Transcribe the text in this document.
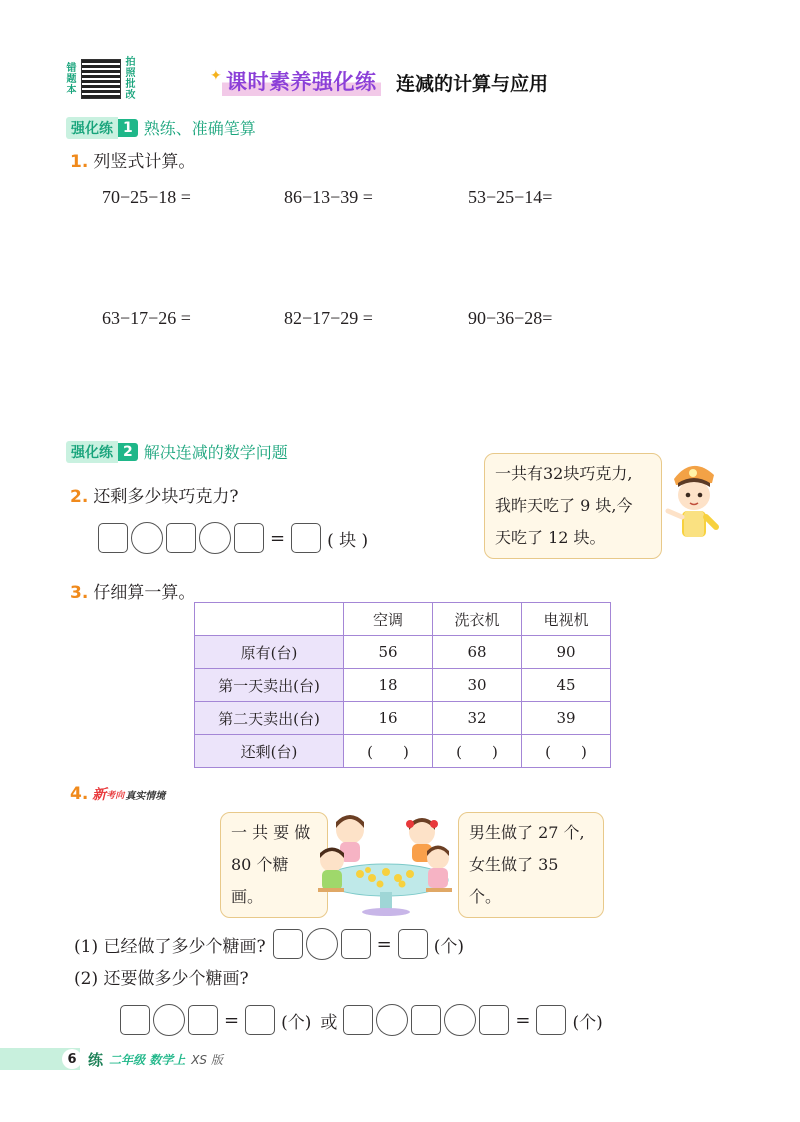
错题本
拍照批改
✦ 课时素养强化练 连减的计算与应用
强化练 1 熟练、准确笔算
1. 列竖式计算。
70−25−18 =	86−13−39 =	53−25−14=
63−17−26 =	82−17−29 =	90−36−28=
强化练 2 解决连减的数学问题
2. 还剩多少块巧克力?
= ( 块 )
一共有32块巧克力,
我昨天吃了 9 块,今
天吃了 12 块。
3. 仔细算一算。
	空调	洗衣机	电视机
原有(台)	56	68	90
第一天卖出(台)	18	30	45
第二天卖出(台)	16	32	39
还剩(台)	(　　)	(　　)	(　　)
4. 新 考向 真实情境
一 共 要 做
80 个糖画。
男生做了 27 个,
女生做了 35 个。
(1) 已经做了多少个糖画?	= (个)
(2) 还要做多少个糖画?
= (个) 或	= (个)
6 练 二年级 数学上 XS 版
